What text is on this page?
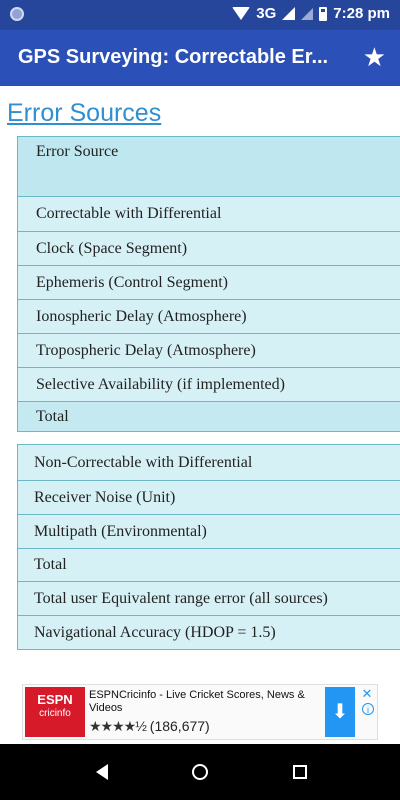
3G	7:28 pm
GPS Surveying: Correctable Er...	★
Error Sources
Error Source
Correctable with Differential
Clock (Space Segment)
Ephemeris (Control Segment)
Ionospheric Delay (Atmosphere)
Tropospheric Delay (Atmosphere)
Selective Availability (if implemented)
Total
Non-Correctable with Differential
Receiver Noise (Unit)
Multipath (Environmental)
Total
Total user Equivalent range error (all sources)
Navigational Accuracy (HDOP = 1.5)
ESPN
cricinfo
ESPNCricinfo - Live Cricket Scores, News & Videos
★★★★½ (186,677)
⬇
✕
i
